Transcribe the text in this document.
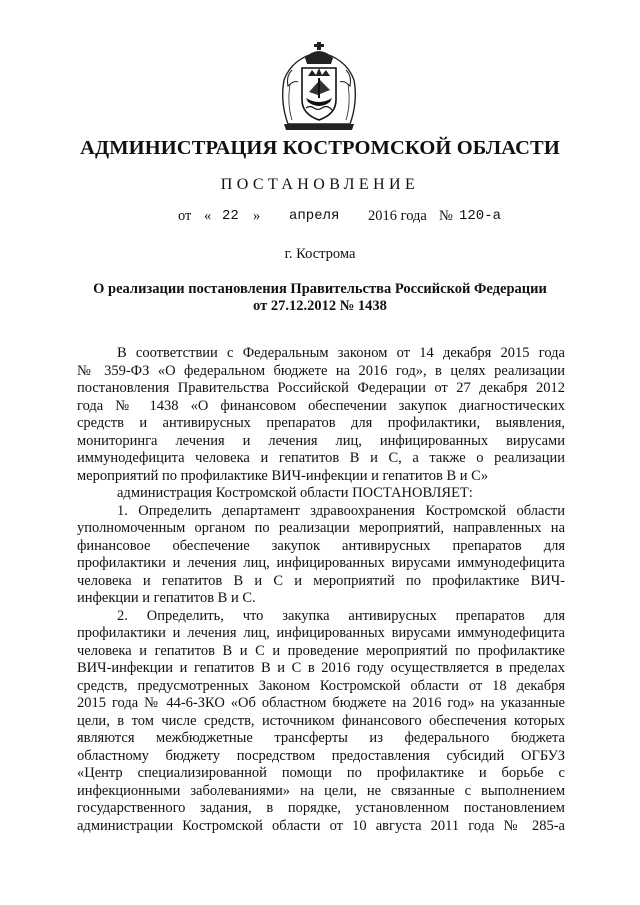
АДМИНИСТРАЦИЯ КОСТРОМСКОЙ ОБЛАСТИ
ПОСТАНОВЛЕНИЕ
от « 22 » апреля 2016 года № 120-а
г. Кострома
О реализации постановления Правительства Российской Федерации
от 27.12.2012 № 1438

В соответствии с Федеральным законом от 14 декабря 2015 года
№ 359-ФЗ «О федеральном бюджете на 2016 год», в целях реализации
постановления Правительства Российской Федерации от 27 декабря 2012
года № 1438 «О финансовом обеспечении закупок диагностических
средств и антивирусных препаратов для профилактики, выявления,
мониторинга лечения и лечения лиц, инфицированных вирусами
иммунодефицита человека и гепатитов В и С, а также о реализации
мероприятий по профилактике ВИЧ-инфекции и гепатитов В и С»

администрация Костромской области ПОСТАНОВЛЯЕТ:

1. Определить департамент здравоохранения Костромской области
уполномоченным органом по реализации мероприятий, направленных на
финансовое обеспечение закупок антивирусных препаратов для
профилактики и лечения лиц, инфицированных вирусами иммунодефицита
человека и гепатитов В и С и мероприятий по профилактике ВИЧ-
инфекции и гепатитов В и С.

2. Определить, что закупка антивирусных препаратов для
профилактики и лечения лиц, инфицированных вирусами иммунодефицита
человека и гепатитов В и С и проведение мероприятий по профилактике
ВИЧ-инфекции и гепатитов В и С в 2016 году осуществляется в пределах
средств, предусмотренных Законом Костромской области от 18 декабря
2015 года № 44-6-ЗКО «Об областном бюджете на 2016 год» на указанные
цели, в том числе средств, источником финансового обеспечения которых
являются межбюджетные трансферты из федерального бюджета
областному бюджету посредством предоставления субсидий ОГБУЗ
«Центр специализированной помощи по профилактике и борьбе с
инфекционными заболеваниями» на цели, не связанные с выполнением
государственного задания, в порядке, установленном постановлением
администрации Костромской области от 10 августа 2011 года № 285-а
